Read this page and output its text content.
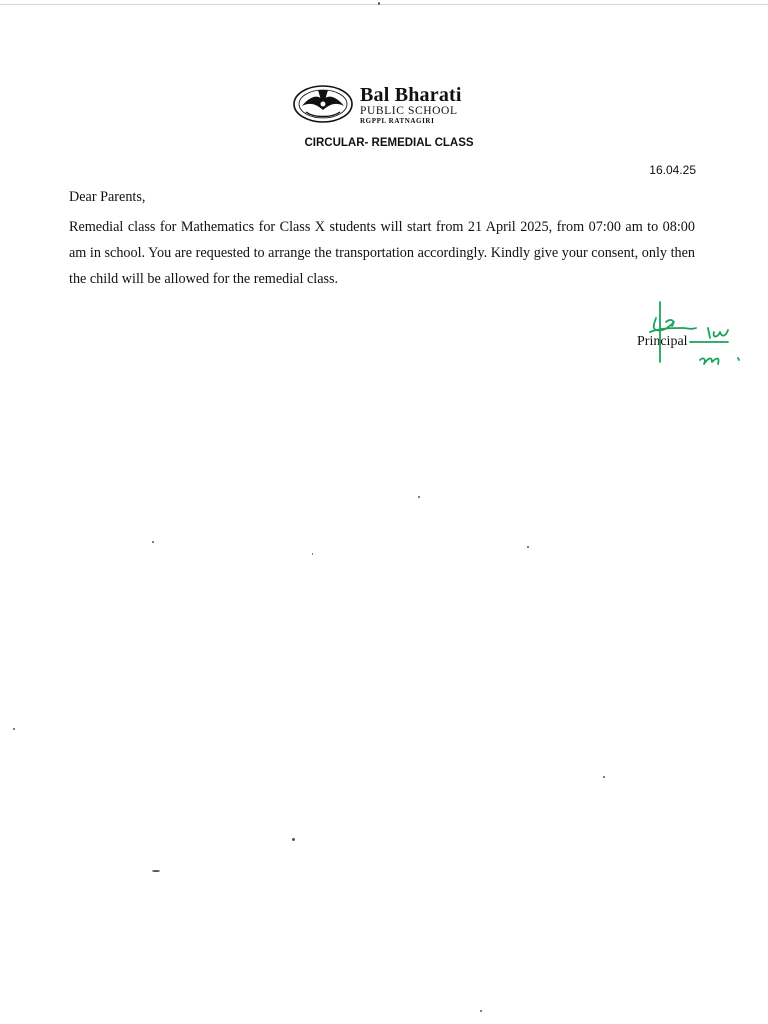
Bal Bharati
PUBLIC SCHOOL
RGPPL RATNAGIRI
CIRCULAR- REMEDIAL CLASS
16.04.25
Dear Parents,
Remedial class for Mathematics for Class X students will start from 21 April 2025, from 07:00 am to 08:00 am in school. You are requested to arrange the transportation accordingly. Kindly give your consent, only then the child will be allowed for the remedial class.
Principal
